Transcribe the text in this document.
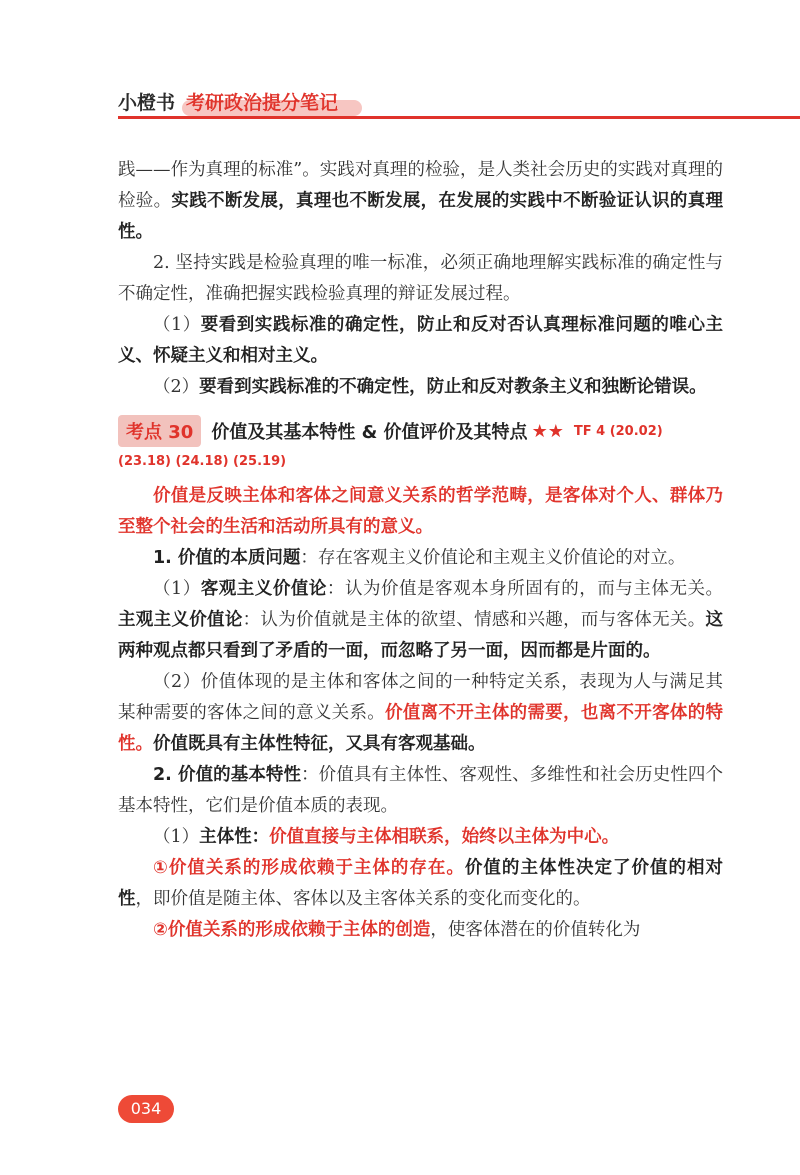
小橙书 考研政治提分笔记

践——作为真理的标准”。实践对真理的检验，是人类社会历史的实践对真理的检验。实践不断发展，真理也不断发展，在发展的实践中不断验证认识的真理性。

2. 坚持实践是检验真理的唯一标准，必须正确地理解实践标准的确定性与不确定性，准确把握实践检验真理的辩证发展过程。

（1）要看到实践标准的确定性，防止和反对否认真理标准问题的唯心主义、怀疑主义和相对主义。

（2）要看到实践标准的不确定性，防止和反对教条主义和独断论错误。

考点 30	价值及其基本特性 & 价值评价及其特点 ★★ TF 4 (20.02)
(23.18) (24.18) (25.19)

价值是反映主体和客体之间意义关系的哲学范畴，是客体对个人、群体乃至整个社会的生活和活动所具有的意义。

1. 价值的本质问题：存在客观主义价值论和主观主义价值论的对立。

（1）客观主义价值论：认为价值是客观本身所固有的，而与主体无关。主观主义价值论：认为价值就是主体的欲望、情感和兴趣，而与客体无关。这两种观点都只看到了矛盾的一面，而忽略了另一面，因而都是片面的。

（2）价值体现的是主体和客体之间的一种特定关系，表现为人与满足其某种需要的客体之间的意义关系。价值离不开主体的需要，也离不开客体的特性。价值既具有主体性特征，又具有客观基础。

2. 价值的基本特性：价值具有主体性、客观性、多维性和社会历史性四个基本特性，它们是价值本质的表现。

（1）主体性：价值直接与主体相联系，始终以主体为中心。

①价值关系的形成依赖于主体的存在。价值的主体性决定了价值的相对性，即价值是随主体、客体以及主客体关系的变化而变化的。

②价值关系的形成依赖于主体的创造，使客体潜在的价值转化为

034
